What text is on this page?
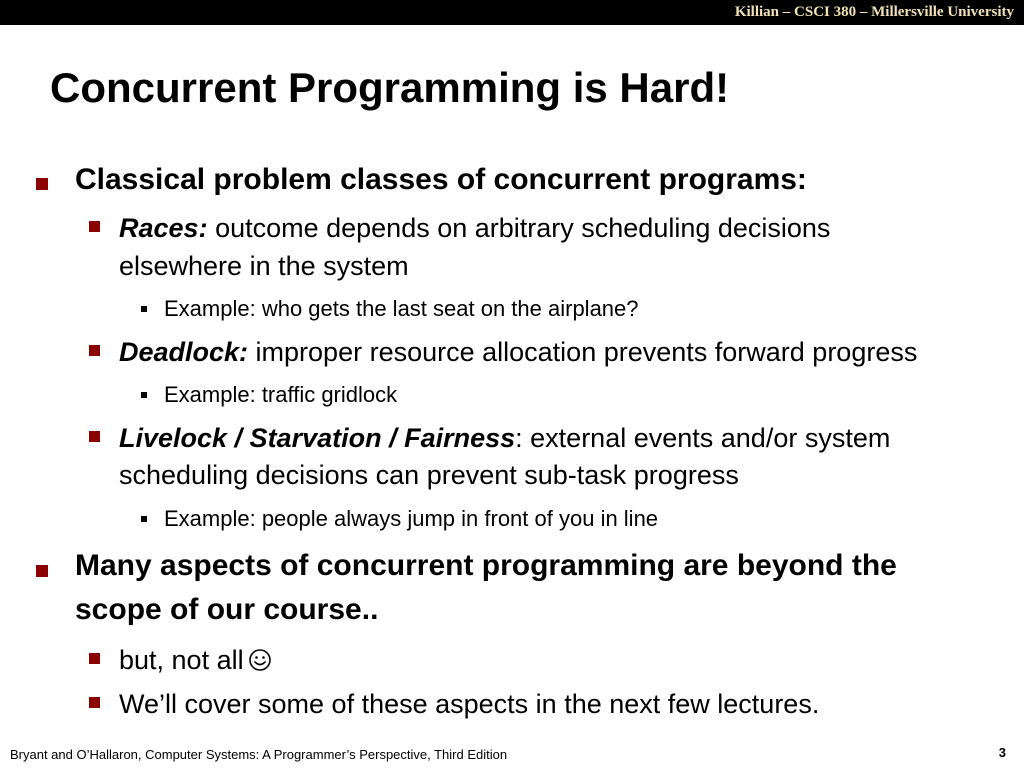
Killian – CSCI 380 – Millersville University
Concurrent Programming is Hard!
Classical problem classes of concurrent programs:
Races: outcome depends on arbitrary scheduling decisions
elsewhere in the system
Example: who gets the last seat on the airplane?
Deadlock: improper resource allocation prevents forward progress
Example: traffic gridlock
Livelock / Starvation / Fairness: external events and/or system
scheduling decisions can prevent sub-task progress
Example: people always jump in front of you in line
Many aspects of concurrent programming are beyond the
scope of our course..
but, not all
We’ll cover some of these aspects in the next few lectures.
Bryant and O’Hallaron, Computer Systems: A Programmer’s Perspective, Third Edition	3
